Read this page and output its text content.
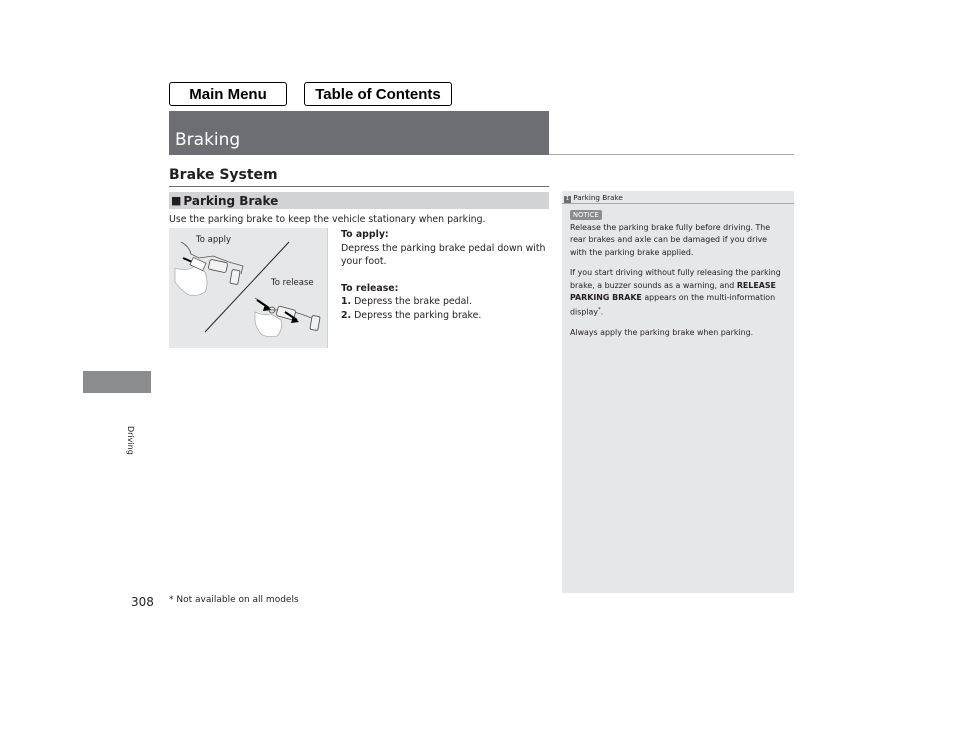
Main Menu	Table of Contents
Braking
Driving
Brake System
■ Parking Brake
Use the parking brake to keep the vehicle stationary when parking.
To apply
To release

To apply:

Depress the parking brake pedal down with

your foot.

To release:

1. Depress the brake pedal.

2. Depress the parking brake.

1 Parking Brake
NOTICE

Release the parking brake fully before driving. The
rear brakes and axle can be damaged if you drive
with the parking brake applied.

If you start driving without fully releasing the parking
brake, a buzzer sounds as a warning, and RELEASE
PARKING BRAKE appears on the multi-information
display*.

Always apply the parking brake when parking.

308 * Not available on all models
